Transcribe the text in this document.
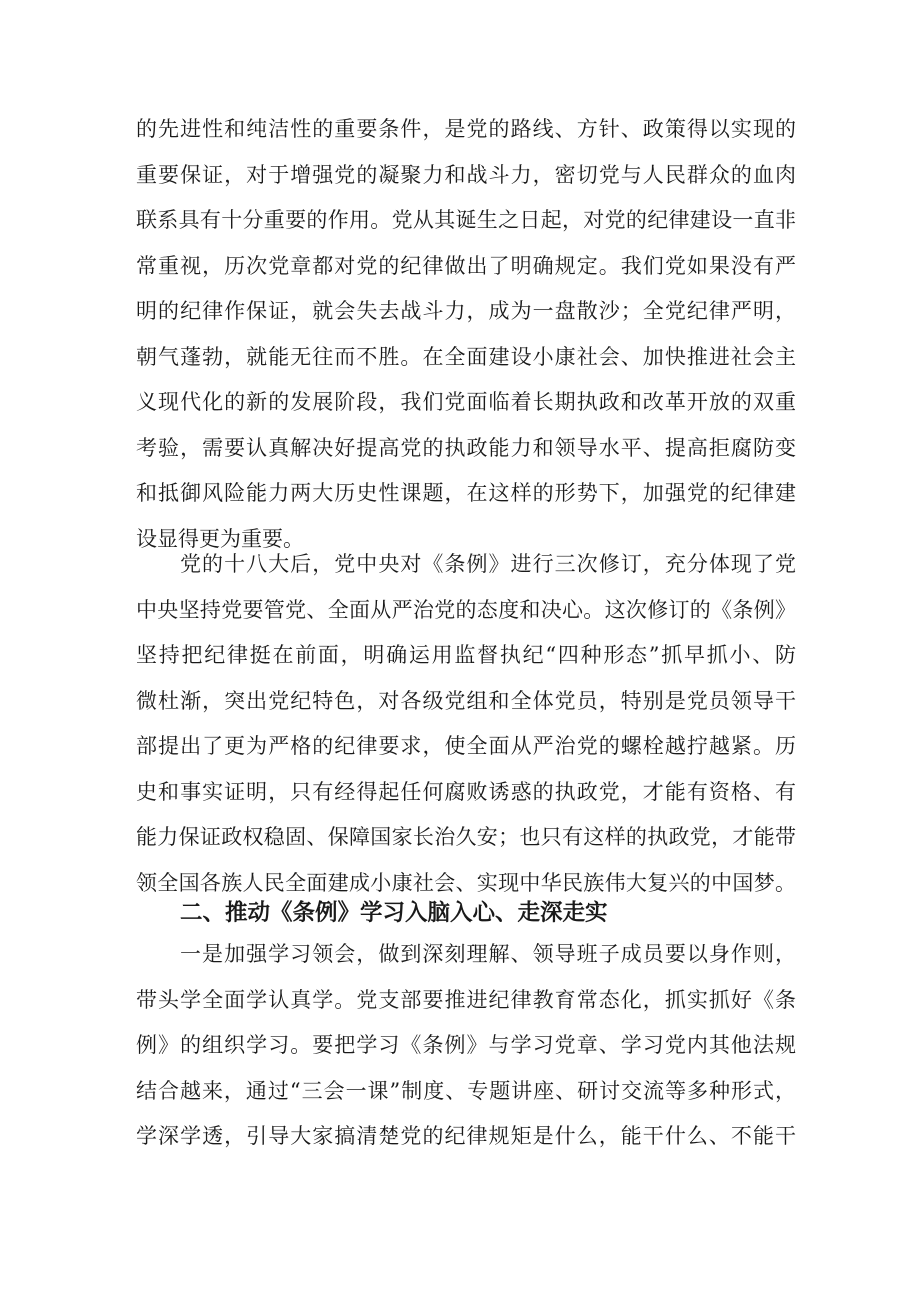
的先进性和纯洁性的重要条件，是党的路线、方针、政策得以实现的
重要保证，对于增强党的凝聚力和战斗力，密切党与人民群众的血肉
联系具有十分重要的作用。党从其诞生之日起，对党的纪律建设一直非
常重视，历次党章都对党的纪律做出了明确规定。我们党如果没有严
明的纪律作保证，就会失去战斗力，成为一盘散沙；全党纪律严明，
朝气蓬勃，就能无往而不胜。在全面建设小康社会、加快推进社会主
义现代化的新的发展阶段，我们党面临着长期执政和改革开放的双重
考验，需要认真解决好提高党的执政能力和领导水平、提高拒腐防变
和抵御风险能力两大历史性课题，在这样的形势下，加强党的纪律建
设显得更为重要。
党的十八大后，党中央对《条例》进行三次修订，充分体现了党
中央坚持党要管党、全面从严治党的态度和决心。这次修订的《条例》
坚持把纪律挺在前面，明确运用监督执纪“四种形态”抓早抓小、防
微杜渐，突出党纪特色，对各级党组和全体党员，特别是党员领导干
部提出了更为严格的纪律要求，使全面从严治党的螺栓越拧越紧。历
史和事实证明，只有经得起任何腐败诱惑的执政党，才能有资格、有
能力保证政权稳固、保障国家长治久安；也只有这样的执政党，才能带
领全国各族人民全面建成小康社会、实现中华民族伟大复兴的中国梦。
二、推动《条例》学习入脑入心、走深走实
一是加强学习领会，做到深刻理解、领导班子成员要以身作则，
带头学全面学认真学。党支部要推进纪律教育常态化，抓实抓好《条
例》的组织学习。要把学习《条例》与学习党章、学习党内其他法规
结合越来，通过“三会一课”制度、专题讲座、研讨交流等多种形式，
学深学透，引导大家搞清楚党的纪律规矩是什么，能干什么、不能干
